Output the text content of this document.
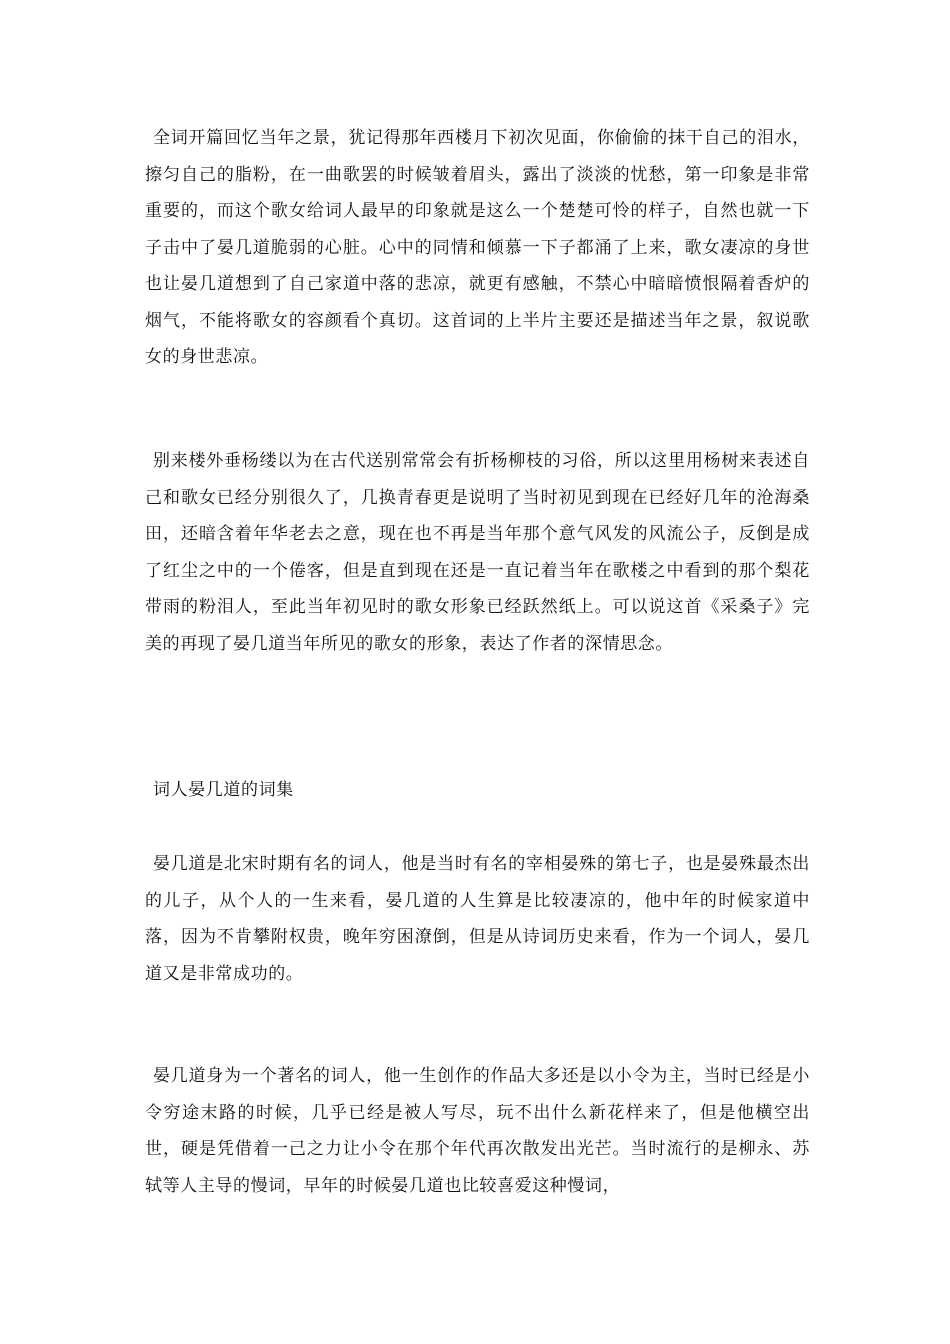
全词开篇回忆当年之景，犹记得那年西楼月下初次见面，你偷偷的抹干自己的泪水，擦匀自己的脂粉，在一曲歌罢的时候皱着眉头，露出了淡淡的忧愁，第一印象是非常重要的，而这个歌女给词人最早的印象就是这么一个楚楚可怜的样子，自然也就一下子击中了晏几道脆弱的心脏。心中的同情和倾慕一下子都涌了上来，歌女凄凉的身世也让晏几道想到了自己家道中落的悲凉，就更有感触，不禁心中暗暗愤恨隔着香炉的烟气，不能将歌女的容颜看个真切。这首词的上半片主要还是描述当年之景，叙说歌女的身世悲凉。

别来楼外垂杨缕以为在古代送别常常会有折杨柳枝的习俗，所以这里用杨树来表述自己和歌女已经分别很久了，几换青春更是说明了当时初见到现在已经好几年的沧海桑田，还暗含着年华老去之意，现在也不再是当年那个意气风发的风流公子，反倒是成了红尘之中的一个倦客，但是直到现在还是一直记着当年在歌楼之中看到的那个梨花带雨的粉泪人，至此当年初见时的歌女形象已经跃然纸上。可以说这首《采桑子》完美的再现了晏几道当年所见的歌女的形象，表达了作者的深情思念。

词人晏几道的词集

晏几道是北宋时期有名的词人，他是当时有名的宰相晏殊的第七子，也是晏殊最杰出的儿子，从个人的一生来看，晏几道的人生算是比较凄凉的，他中年的时候家道中落，因为不肯攀附权贵，晚年穷困潦倒，但是从诗词历史来看，作为一个词人，晏几道又是非常成功的。

晏几道身为一个著名的词人，他一生创作的作品大多还是以小令为主，当时已经是小令穷途末路的时候，几乎已经是被人写尽，玩不出什么新花样来了，但是他横空出世，硬是凭借着一己之力让小令在那个年代再次散发出光芒。当时流行的是柳永、苏轼等人主导的慢词，早年的时候晏几道也比较喜爱这种慢词，
